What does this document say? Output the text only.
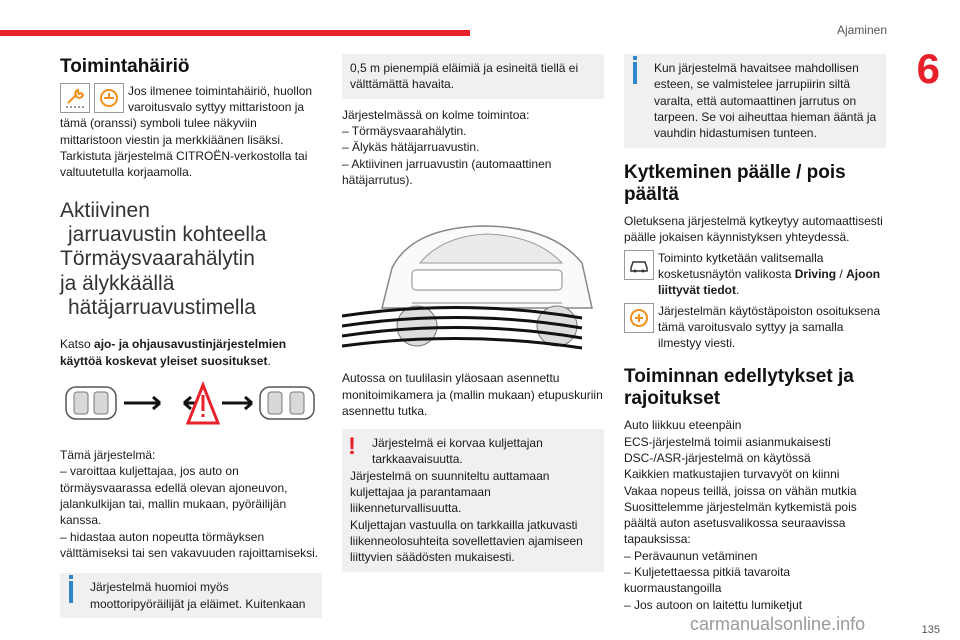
Ajaminen
6
Toimintahäiriö
Jos ilmenee toimintahäiriö, huollon varoitusvalo syttyy mittaristoon ja

tämä (oranssi) symboli tulee näkyviin mittaristoon viestin ja merkkiäänen lisäksi.

Tarkistuta järjestelmä CITROËN-verkostolla tai valtuutetulla korjaamolla.

Aktiivinen
jarruavustin kohteella
Törmäysvaarahälytin
ja älykkäällä
hätäjarruavustimella

Katso ajo- ja ohjausavustinjärjestelmien käyttöä koskevat yleiset suositukset.

Tämä järjestelmä:

– varoittaa kuljettajaa, jos auto on törmäysvaarassa edellä olevan ajoneuvon, jalankulkijan tai, mallin mukaan, pyöräilijän kanssa.

– hidastaa auton nopeutta törmäyksen välttämiseksi tai sen vakavuuden rajoittamiseksi.

Järjestelmä huomioi myös moottoripyöräilijät ja eläimet. Kuitenkaan

0,5 m pienempiä eläimiä ja esineitä tiellä ei välttämättä havaita.

Järjestelmässä on kolme toimintoa:

– Törmäysvaarahälytin.

– Älykäs hätäjarruavustin.

– Aktiivinen jarruavustin (automaattinen hätäjarrutus).

Autossa on tuulilasin yläosaan asennettu monitoimikamera ja (mallin mukaan) etupuskuriin asennettu tutka.

!	Järjestelmä ei korvaa kuljettajan tarkkaavaisuutta.

Järjestelmä on suunniteltu auttamaan kuljettajaa ja parantamaan liikenneturvallisuutta.

Kuljettajan vastuulla on tarkkailla jatkuvasti liikenneolosuhteita sovellettavien ajamiseen liittyvien säädösten mukaisesti.

Kun järjestelmä havaitsee mahdollisen esteen, se valmistelee jarrupiirin siltä varalta, että automaattinen jarrutus on tarpeen. Se voi aiheuttaa hieman ääntä ja vauhdin hidastumisen tunteen.

Kytkeminen päälle / pois päältä

Oletuksena järjestelmä kytkeytyy automaattisesti päälle jokaisen käynnistyksen yhteydessä.

Toiminto kytketään valitsemalla kosketusnäytön valikosta Driving / Ajoon liittyvät tiedot.
Järjestelmän käytöstäpoiston osoituksena tämä varoitusvalo syttyy ja samalla ilmestyy viesti.
Toiminnan edellytykset ja rajoitukset

Auto liikkuu eteenpäin

ECS-järjestelmä toimii asianmukaisesti

DSC-/ASR-järjestelmä on käytössä

Kaikkien matkustajien turvavyöt on kiinni

Vakaa nopeus teillä, joissa on vähän mutkia

Suosittelemme järjestelmän kytkemistä pois päältä auton asetusvalikossa seuraavissa tapauksissa:

– Perävaunun vetäminen

– Kuljetettaessa pitkiä tavaroita kuormaustangoilla

– Jos autoon on laitettu lumiketjut

135
carmanualsonline.info
